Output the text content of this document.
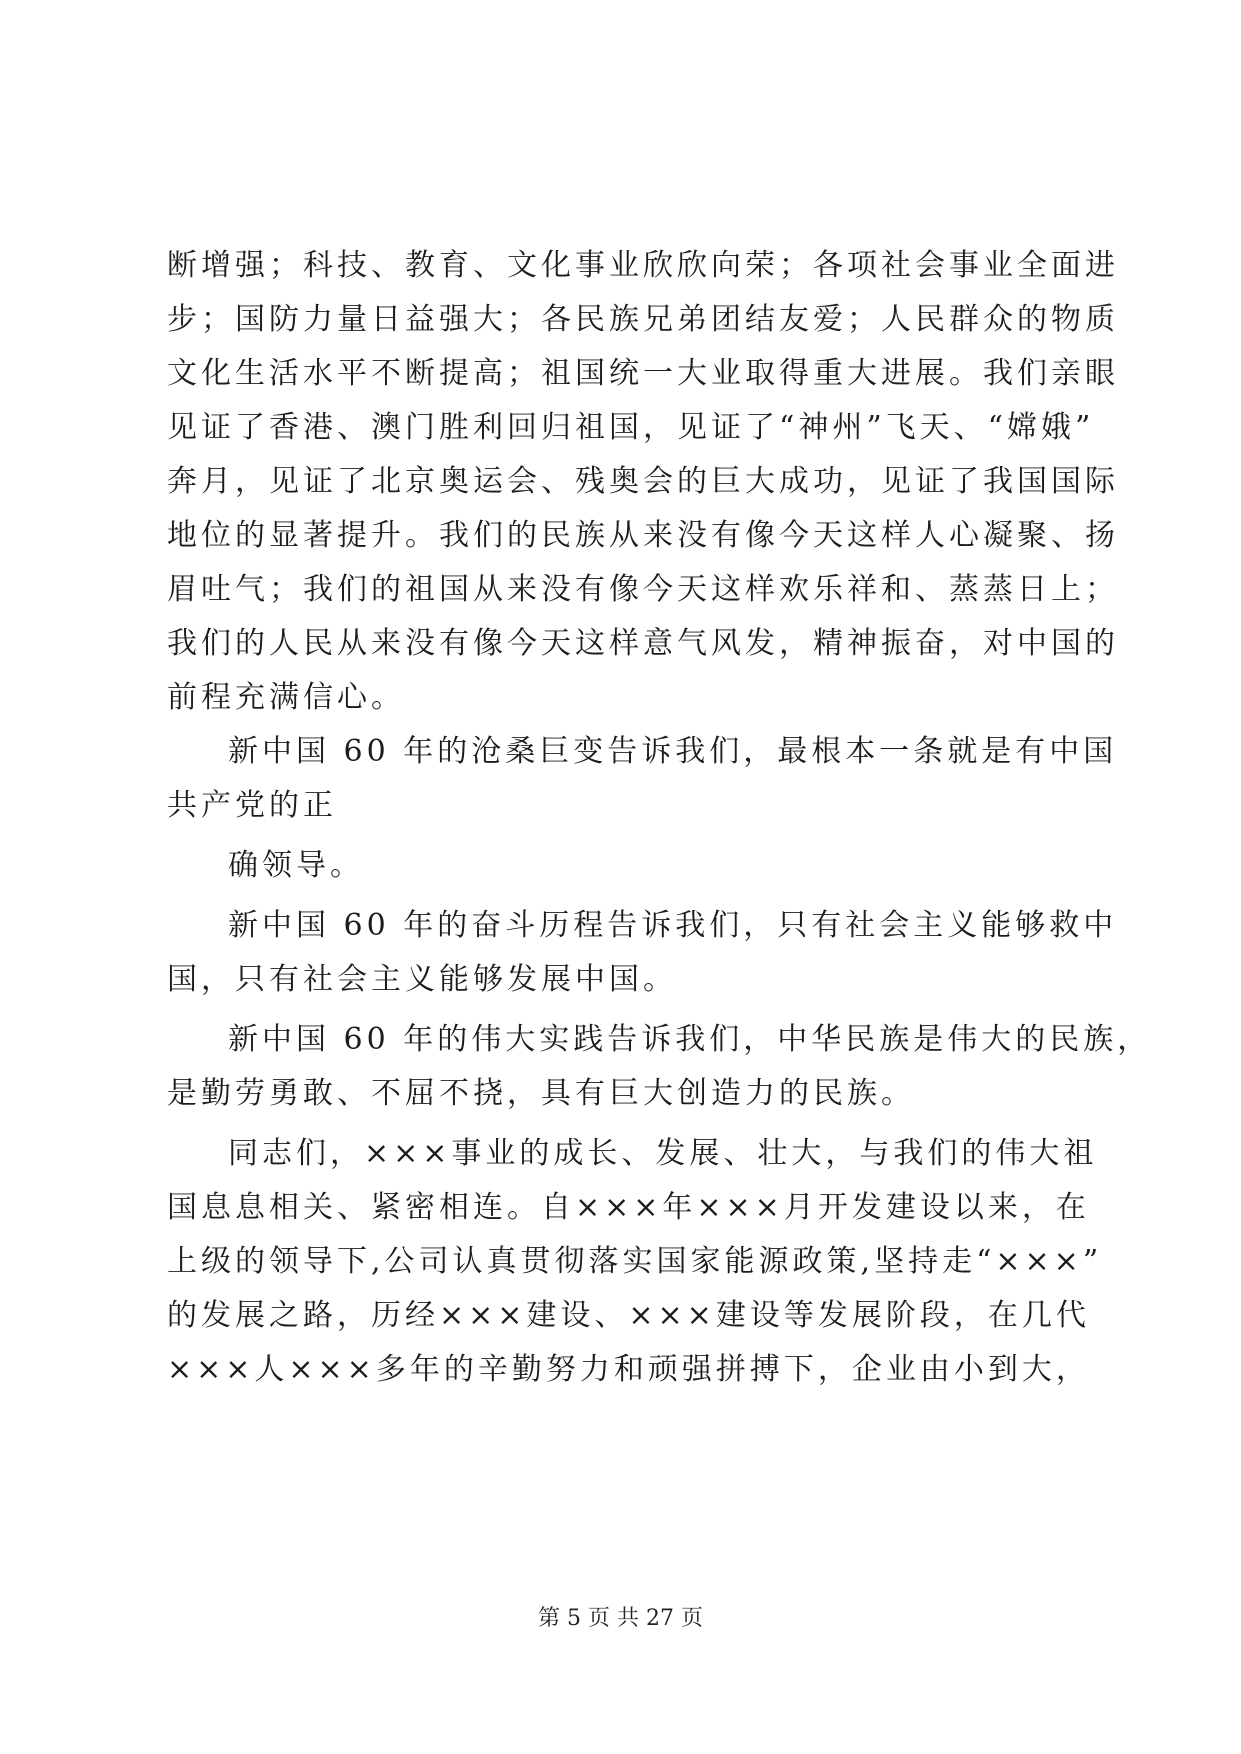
断增强；科技、教育、文化事业欣欣向荣；各项社会事业全面进
步；国防力量日益强大；各民族兄弟团结友爱；人民群众的物质
文化生活水平不断提高；祖国统一大业取得重大进展。我们亲眼
见证了香港、澳门胜利回归祖国，见证了“神州”飞天、“嫦娥”
奔月，见证了北京奥运会、残奥会的巨大成功，见证了我国国际
地位的显著提升。我们的民族从来没有像今天这样人心凝聚、扬
眉吐气；我们的祖国从来没有像今天这样欢乐祥和、蒸蒸日上；
我们的人民从来没有像今天这样意气风发，精神振奋，对中国的
前程充满信心。
新中国 60 年的沧桑巨变告诉我们，最根本一条就是有中国
共产党的正
确领导。
新中国 60 年的奋斗历程告诉我们，只有社会主义能够救中
国，只有社会主义能够发展中国。
新中国 60 年的伟大实践告诉我们，中华民族是伟大的民族，
是勤劳勇敢、不屈不挠，具有巨大创造力的民族。
同志们，×××事业的成长、发展、壮大，与我们的伟大祖
国息息相关、紧密相连。自×××年×××月开发建设以来，在
上级的领导下,公司认真贯彻落实国家能源政策,坚持走“×××”
的发展之路，历经×××建设、×××建设等发展阶段，在几代
×××人×××多年的辛勤努力和顽强拼搏下，企业由小到大，
第 5 页 共 27 页
